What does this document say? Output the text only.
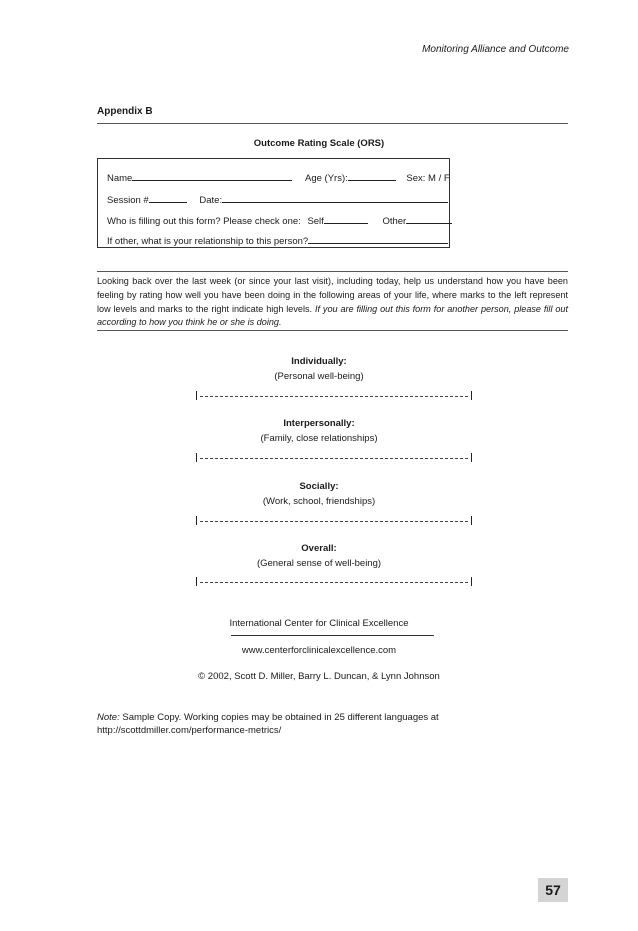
Monitoring Alliance and Outcome
Appendix B
Outcome Rating Scale (ORS)
Name	Age (Yrs):	Sex: M / F
Session #	Date:
Who is filling out this form? Please check one: Self	Other
If other, what is your relationship to this person?
Looking back over the last week (or since your last visit), including today, help us understand how you have been feeling by rating how well you have been doing in the following areas of your life, where marks to the left represent low levels and marks to the right indicate high levels. If you are filling out this form for another person, please fill out according to how you think he or she is doing.
Individually:
(Personal well-being)
Interpersonally:
(Family, close relationships)
Socially:
(Work, school, friendships)
Overall:
(General sense of well-being)
International Center for Clinical Excellence
www.centerforclinicalexcellence.com
© 2002, Scott D. Miller, Barry L. Duncan, & Lynn Johnson
Note: Sample Copy. Working copies may be obtained in 25 different languages at http://scottdmiller.com/performance-metrics/
57
